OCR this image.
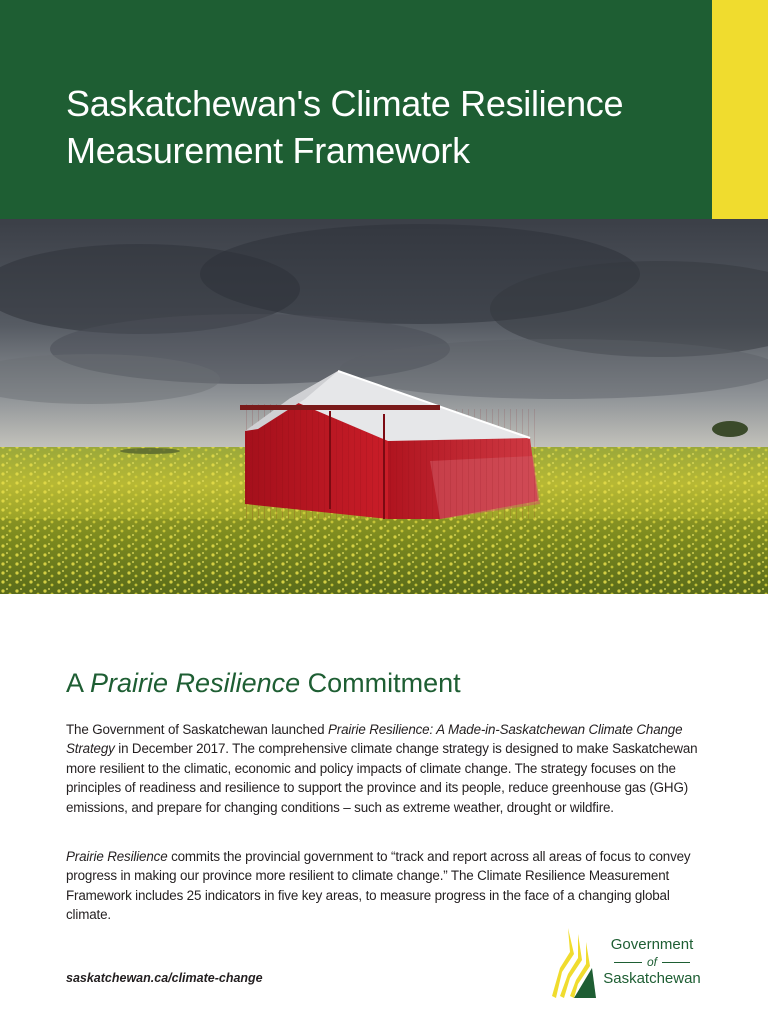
Saskatchewan's Climate Resilience
Measurement Framework
A Prairie Resilience Commitment

The Government of Saskatchewan launched Prairie Resilience: A Made-in-Saskatchewan Climate Change Strategy in December 2017. The comprehensive climate change strategy is designed to make Saskatchewan more resilient to the climatic, economic and policy impacts of climate change. The strategy focuses on the principles of readiness and resilience to support the province and its people, reduce greenhouse gas (GHG) emissions, and prepare for changing conditions – such as extreme weather, drought or wildfire.

Prairie Resilience commits the provincial government to “track and report across all areas of focus to convey progress in making our province more resilient to climate change.” The Climate Resilience Measurement Framework includes 25 indicators in five key areas, to measure progress in the face of a changing global climate.

saskatchewan.ca/climate-change
Government
of
Saskatchewan
